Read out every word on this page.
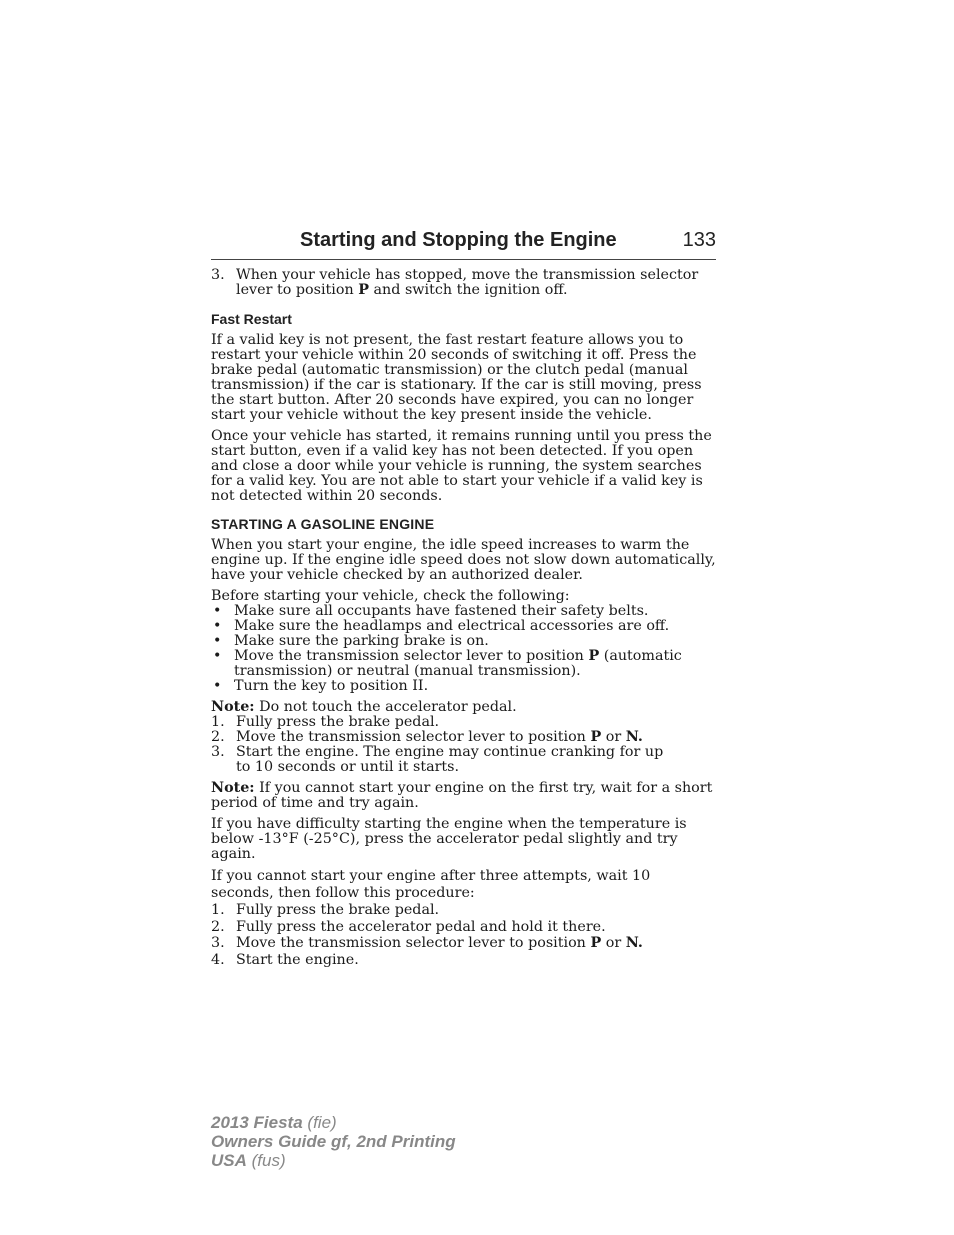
Starting and Stopping the Engine	133
3. When your vehicle has stopped, move the transmission selector lever to position P and switch the ignition off.
Fast Restart

If a valid key is not present, the fast restart feature allows you to restart your vehicle within 20 seconds of switching it off. Press the brake pedal (automatic transmission) or the clutch pedal (manual transmission) if the car is stationary. If the car is still moving, press the start button. After 20 seconds have expired, you can no longer start your vehicle without the key present inside the vehicle.

Once your vehicle has started, it remains running until you press the start button, even if a valid key has not been detected. If you open and close a door while your vehicle is running, the system searches for a valid key. You are not able to start your vehicle if a valid key is not detected within 20 seconds.

STARTING A GASOLINE ENGINE

When you start your engine, the idle speed increases to warm the engine up. If the engine idle speed does not slow down automatically, have your vehicle checked by an authorized dealer.

Before starting your vehicle, check the following:

• Make sure all occupants have fastened their safety belts.
• Make sure the headlamps and electrical accessories are off.
• Make sure the parking brake is on.
• Move the transmission selector lever to position P (automatic transmission) or neutral (manual transmission).
• Turn the key to position II.

Note: Do not touch the accelerator pedal.

1. Fully press the brake pedal.
2. Move the transmission selector lever to position P or N.
3. Start the engine. The engine may continue cranking for up to 10 seconds or until it starts.

Note: If you cannot start your engine on the first try, wait for a short period of time and try again.

If you have difficulty starting the engine when the temperature is below -13°F (-25°C), press the accelerator pedal slightly and try again.

If you cannot start your engine after three attempts, wait 10 seconds, then follow this procedure:

1. Fully press the brake pedal.
2. Fully press the accelerator pedal and hold it there.
3. Move the transmission selector lever to position P or N.
4. Start the engine.
2013 Fiesta (fie)
Owners Guide gf, 2nd Printing
USA (fus)
